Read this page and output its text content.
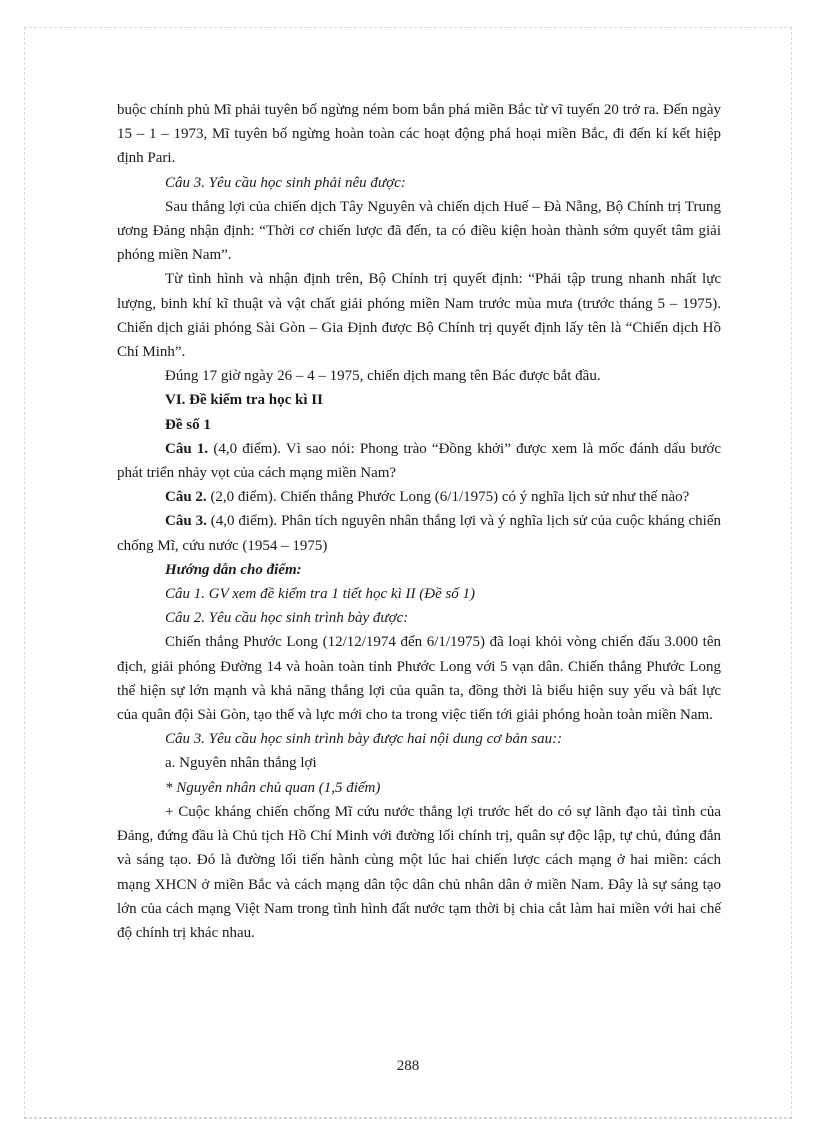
buộc chính phủ Mĩ phải tuyên bố ngừng ném bom bắn phá miền Bắc từ vĩ tuyến 20 trở ra. Đến ngày 15 – 1 – 1973, Mĩ tuyên bố ngừng hoàn toàn các hoạt động phá hoại miền Bắc, đi đến kí kết hiệp định Pari.

Câu 3. Yêu cầu học sinh phải nêu được:

Sau thắng lợi của chiến dịch Tây Nguyên và chiến dịch Huế – Đà Nẵng, Bộ Chính trị Trung ương Đảng nhận định: “Thời cơ chiến lược đã đến, ta có điều kiện hoàn thành sớm quyết tâm giải phóng miền Nam”.

Từ tình hình và nhận định trên, Bộ Chính trị quyết định: “Phải tập trung nhanh nhất lực lượng, binh khí kĩ thuật và vật chất giải phóng miền Nam trước mùa mưa (trước tháng 5 – 1975). Chiến dịch giải phóng Sài Gòn – Gia Định được Bộ Chính trị quyết định lấy tên là “Chiến dịch Hồ Chí Minh”.

Đúng 17 giờ ngày 26 – 4 – 1975, chiến dịch mang tên Bác được bắt đầu.

VI. Đề kiểm tra học kì II

Đề số 1

Câu 1. (4,0 điểm). Vì sao nói: Phong trào “Đồng khởi” được xem là mốc đánh dấu bước phát triển nhảy vọt của cách mạng miền Nam?

Câu 2. (2,0 điểm). Chiến thắng Phước Long (6/1/1975) có ý nghĩa lịch sử như thế nào?

Câu 3. (4,0 điểm). Phân tích nguyên nhân thắng lợi và ý nghĩa lịch sử của cuộc kháng chiến chống Mĩ, cứu nước (1954 – 1975)

Hướng dẫn cho điểm:

Câu 1. GV xem đề kiểm tra 1 tiết học kì II (Đề số 1)

Câu 2. Yêu cầu học sinh trình bày được:

Chiến thắng Phước Long (12/12/1974 đến 6/1/1975) đã loại khỏi vòng chiến đấu 3.000 tên địch, giải phóng Đường 14 và hoàn toàn tỉnh Phước Long với 5 vạn dân. Chiến thắng Phước Long thể hiện sự lớn mạnh và khả năng thắng lợi của quân ta, đồng thời là biểu hiện suy yếu và bất lực của quân đội Sài Gòn, tạo thế và lực mới cho ta trong việc tiến tới giải phóng hoàn toàn miền Nam.

Câu 3. Yêu cầu học sinh trình bày được hai nội dung cơ bản sau::

a. Nguyên nhân thắng lợi

* Nguyên nhân chủ quan (1,5 điểm)

+ Cuộc kháng chiến chống Mĩ cứu nước thắng lợi trước hết do có sự lãnh đạo tài tình của Đảng, đứng đầu là Chủ tịch Hồ Chí Minh với đường lối chính trị, quân sự độc lập, tự chủ, đúng đắn và sáng tạo. Đó là đường lối tiến hành cùng một lúc hai chiến lược cách mạng ở hai miền: cách mạng XHCN ở miền Bắc và cách mạng dân tộc dân chủ nhân dân ở miền Nam. Đây là sự sáng tạo lớn của cách mạng Việt Nam trong tình hình đất nước tạm thời bị chia cắt làm hai miền với hai chế độ chính trị khác nhau.

288
